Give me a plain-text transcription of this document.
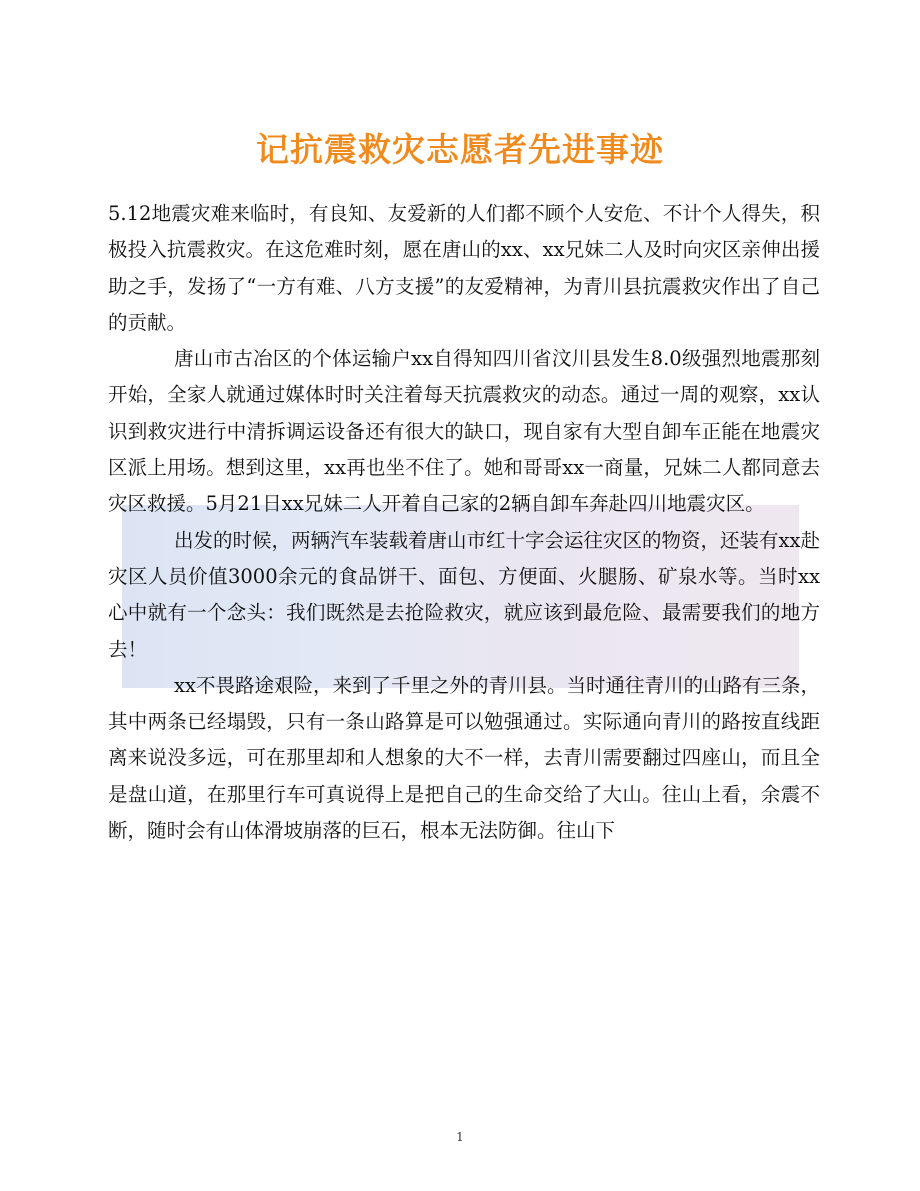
记抗震救灾志愿者先进事迹

5.12地震灾难来临时，有良知、友爱新的人们都不顾个人安危、不计个人得失，积极投入抗震救灾。在这危难时刻，愿在唐山的xx、xx兄妹二人及时向灾区亲伸出援助之手，发扬了“一方有难、八方支援”的友爱精神，为青川县抗震救灾作出了自己的贡献。

唐山市古冶区的个体运输户xx自得知四川省汶川县发生8.0级强烈地震那刻开始，全家人就通过媒体时时关注着每天抗震救灾的动态。通过一周的观察，xx认识到救灾进行中清拆调运设备还有很大的缺口，现自家有大型自卸车正能在地震灾区派上用场。想到这里，xx再也坐不住了。她和哥哥xx一商量，兄妹二人都同意去灾区救援。5月21日xx兄妹二人开着自己家的2辆自卸车奔赴四川地震灾区。

出发的时候，两辆汽车装载着唐山市红十字会运往灾区的物资，还装有xx赴灾区人员价值3000余元的食品饼干、面包、方便面、火腿肠、矿泉水等。当时xx心中就有一个念头：我们既然是去抢险救灾，就应该到最危险、最需要我们的地方去！

xx不畏路途艰险，来到了千里之外的青川县。当时通往青川的山路有三条，其中两条已经塌毁，只有一条山路算是可以勉强通过。实际通向青川的路按直线距离来说没多远，可在那里却和人想象的大不一样，去青川需要翻过四座山，而且全是盘山道，在那里行车可真说得上是把自己的生命交给了大山。往山上看，余震不断，随时会有山体滑坡崩落的巨石，根本无法防御。往山下

1
